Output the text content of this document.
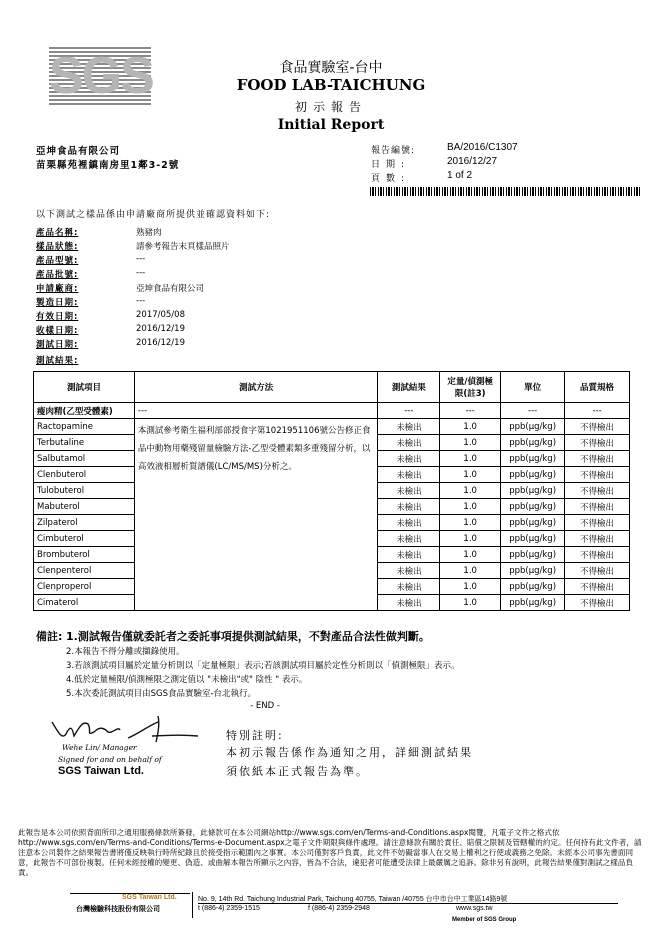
SGS	食品實驗室-台中
FOOD LAB-TAICHUNG
初示報告
Initial Report
亞坤食品有限公司
苗栗縣苑裡鎮南房里1鄰3-2號
報告編號:	BA/2016/C1307
日期:	2016/12/27
頁數:	1 of 2
以下測試之樣品係由申請廠商所提供並確認資料如下:
產品名稱:	熟豬肉
樣品狀態:	請參考報告末頁樣品照片
產品型號:	---
產品批號:	---
申請廠商:	亞坤食品有限公司
製造日期:	---
有效日期:	2017/05/08
收樣日期:	2016/12/19
測試日期:	2016/12/19
測試結果:
測試項目	測試方法	測試結果	定量/偵測極限(註3)	單位	品質規格
瘦肉精(乙型受體素)	---	---	---	---	---
Ractopamine	本測試參考衛生福利部部授食字第1021951106號公告修正食品中動物用藥殘留量檢驗方法-乙型受體素類多重殘留分析，以高效液相層析質譜儀(LC/MS/MS)分析之。	未檢出	1.0	ppb(μg/kg)	不得檢出
Terbutaline		未檢出	1.0	ppb(μg/kg)	不得檢出
Salbutamol		未檢出	1.0	ppb(μg/kg)	不得檢出
Clenbuterol		未檢出	1.0	ppb(μg/kg)	不得檢出
Tulobuterol		未檢出	1.0	ppb(μg/kg)	不得檢出
Mabuterol		未檢出	1.0	ppb(μg/kg)	不得檢出
Zilpaterol		未檢出	1.0	ppb(μg/kg)	不得檢出
Cimbuterol		未檢出	1.0	ppb(μg/kg)	不得檢出
Brombuterol		未檢出	1.0	ppb(μg/kg)	不得檢出
Clenpenterol		未檢出	1.0	ppb(μg/kg)	不得檢出
Clenproperol		未檢出	1.0	ppb(μg/kg)	不得檢出
Cimaterol		未檢出	1.0	ppb(μg/kg)	不得檢出
備註: 1.測試報告僅就委託者之委託事項提供測試結果，不對產品合法性做判斷。
2.本報告不得分離或擷錄使用。
3.若該測試項目屬於定量分析則以「定量極限」表示;若該測試項目屬於定性分析則以「偵測極限」表示。
4.低於定量極限/偵測極限之測定值以 "未檢出"或" 陰性 " 表示。
5.本次委託測試項目由SGS食品實驗室-台北執行。
- END -
Wehe Lin/ Manager
Signed for and on behalf of
SGS Taiwan Ltd.
特別註明:
本初示報告係作為通知之用，詳細測試結果
須依紙本正式報告為準。
此報告是本公司依照背面所印之通用服務條款所簽發，此條款可在本公司網站http://www.sgs.com/en/Terms-and-Conditions.aspx閱覽，凡電子文件之格式依http://www.sgs.com/en/Terms-and-Conditions/Terms-e-Document.aspx之電子文件期限與條件處理。請注意條款有關於責任、賠償之限制及管轄權的約定。任何持有此文件者，請注意本公司製作之結果報告書將僅反映執行時所紀錄且於接受指示範圍內之事實。本公司僅對客戶負責，此文件不妨礙當事人在交易上權利之行使或義務之免除。未經本公司事先書面同意，此報告不可部份複製。任何未經授權的變更、偽造、或曲解本報告所顯示之內容，皆為不合法，違犯者可能遭受法律上最嚴厲之追訴。除非另有說明，此報告結果僅對測試之樣品負責。
SGS Taiwan Ltd.
台灣檢驗科技股份有限公司
No. 9, 14th Rd. Taichung Industrial Park, Taichung 40755, Taiwan /40755 台中市台中工業區14路9號
t (886-4) 2359-1515	f (886-4) 2359-2948	www.sgs.tw
Member of SGS Group
